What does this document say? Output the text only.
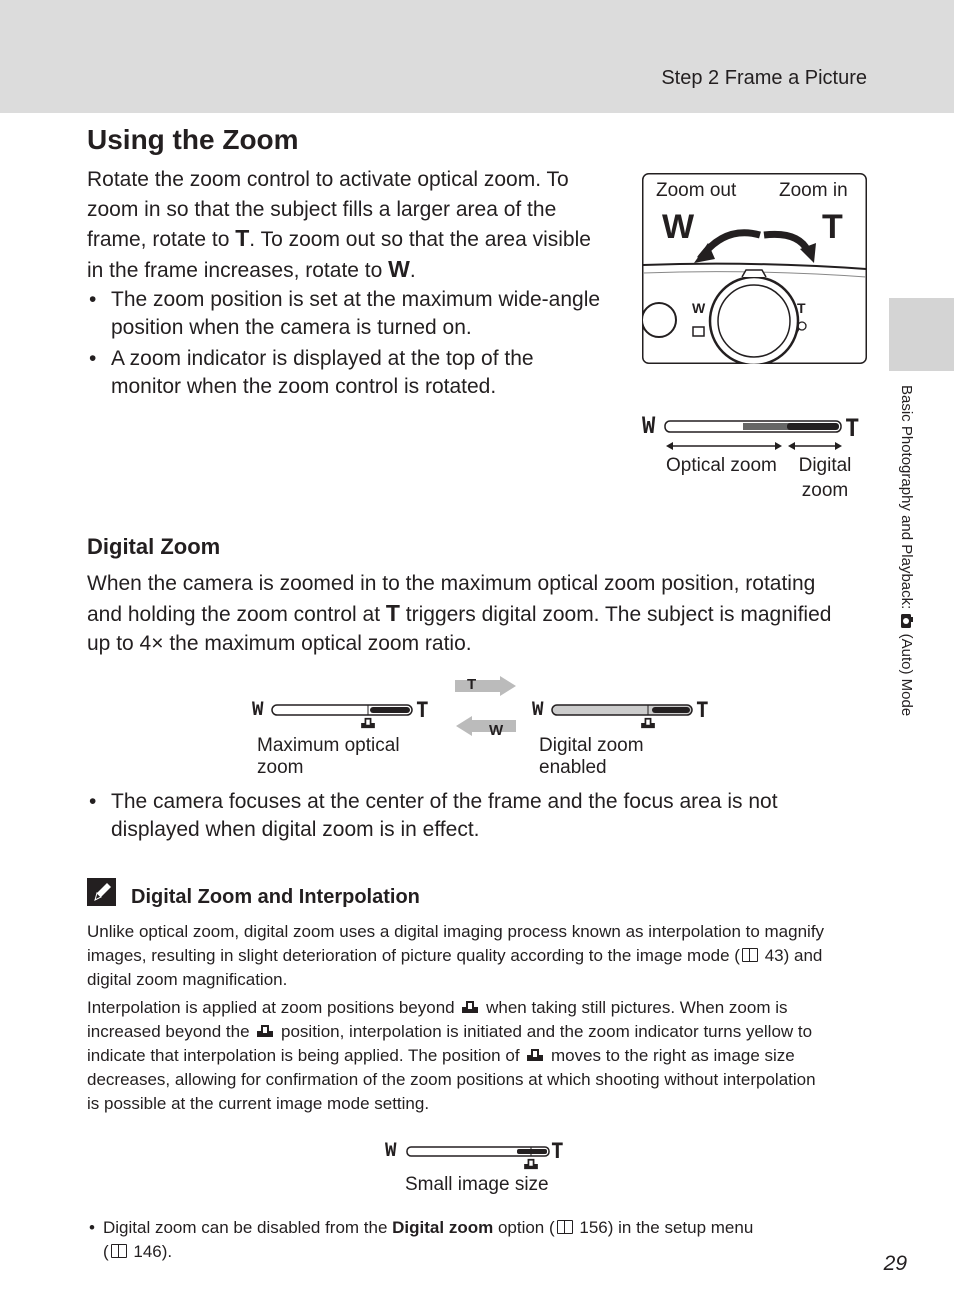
Step 2 Frame a Picture
Basic Photography and Playback:  (Auto) Mode
Using the Zoom
Rotate the zoom control to activate optical zoom. To
zoom in so that the subject fills a larger area of the
frame, rotate to T. To zoom out so that the area visible
in the frame increases, rotate to W.
• The zoom position is set at the maximum wide-angle
position when the camera is turned on.
• A zoom indicator is displayed at the top of the
monitor when the zoom control is rotated.
Zoom out Zoom in
W	T
W	T
W	T
Optical zoom	Digital
zoom
Digital Zoom
When the camera is zoomed in to the maximum optical zoom position, rotating
and holding the zoom control at T triggers digital zoom. The subject is magnified
up to 4× the maximum optical zoom ratio.
W	T
T
W
W	T
Maximum optical
zoom
Digital zoom
enabled
• The camera focuses at the center of the frame and the focus area is not
displayed when digital zoom is in effect.
Digital Zoom and Interpolation
Unlike optical zoom, digital zoom uses a digital imaging process known as interpolation to magnify
images, resulting in slight deterioration of picture quality according to the image mode ( 43) and
digital zoom magnification.
Interpolation is applied at zoom positions beyond  when taking still pictures. When zoom is
increased beyond the  position, interpolation is initiated and the zoom indicator turns yellow to
indicate that interpolation is being applied. The position of  moves to the right as image size
decreases, allowing for confirmation of the zoom positions at which shooting without interpolation
is possible at the current image mode setting.
W	T
Small image size
• Digital zoom can be disabled from the Digital zoom option ( 156) in the setup menu
( 146).
29
